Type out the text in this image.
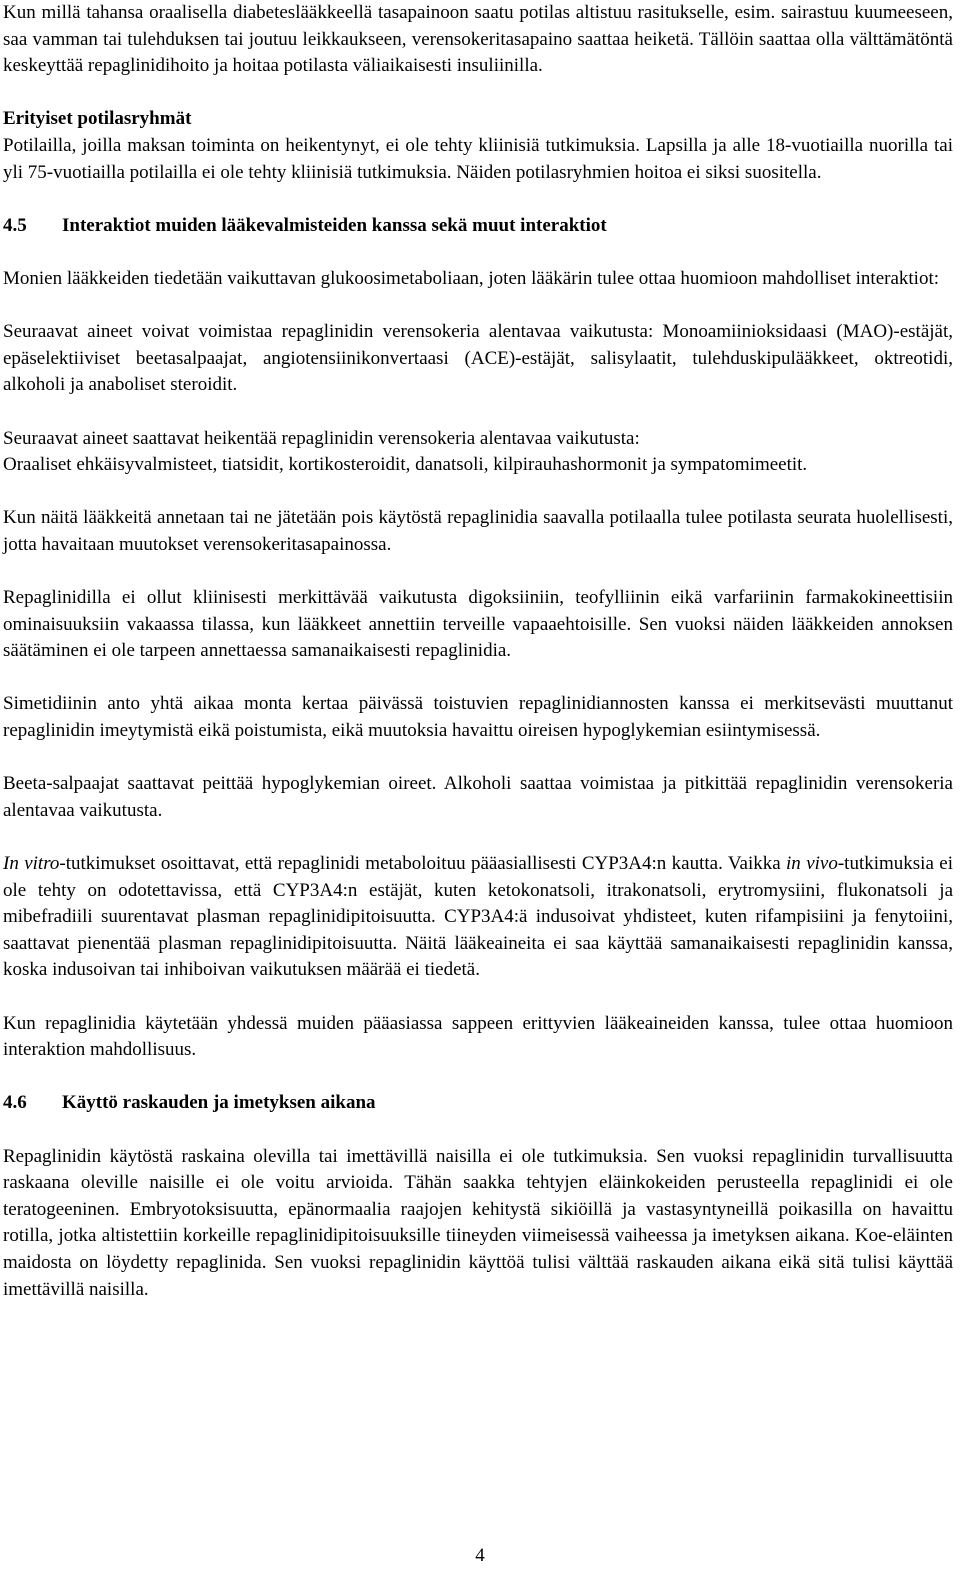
Kun millä tahansa oraalisella diabeteslääkkeellä tasapainoon saatu potilas altistuu rasitukselle, esim. sairastuu kuumeeseen, saa vamman tai tulehduksen tai joutuu leikkaukseen, verensokeritasapaino saattaa heiketä. Tällöin saattaa olla välttämätöntä keskeyttää repaglinidihoito ja hoitaa potilasta väliaikaisesti insuliinilla.

Erityiset potilasryhmät

Potilailla, joilla maksan toiminta on heikentynyt, ei ole tehty kliinisiä tutkimuksia. Lapsilla ja alle 18-vuotiailla nuorilla tai yli 75-vuotiailla potilailla ei ole tehty kliinisiä tutkimuksia. Näiden potilasryhmien hoitoa ei siksi suositella.

4.5 Interaktiot muiden lääkevalmisteiden kanssa sekä muut interaktiot

Monien lääkkeiden tiedetään vaikuttavan glukoosimetaboliaan, joten lääkärin tulee ottaa huomioon mahdolliset interaktiot:

Seuraavat aineet voivat voimistaa repaglinidin verensokeria alentavaa vaikutusta: Monoamiinioksidaasi (MAO)-estäjät, epäselektiiviset beetasalpaajat, angiotensiinikonvertaasi (ACE)-estäjät, salisylaatit, tulehduskipulääkkeet, oktreotidi, alkoholi ja anaboliset steroidit.

Seuraavat aineet saattavat heikentää repaglinidin verensokeria alentavaa vaikutusta:

Oraaliset ehkäisyvalmisteet, tiatsidit, kortikosteroidit, danatsoli, kilpirauhashormonit ja sympatomimeetit.

Kun näitä lääkkeitä annetaan tai ne jätetään pois käytöstä repaglinidia saavalla potilaalla tulee potilasta seurata huolellisesti, jotta havaitaan muutokset verensokeritasapainossa.

Repaglinidilla ei ollut kliinisesti merkittävää vaikutusta digoksiiniin, teofylliinin eikä varfariinin farmakokineettisiin ominaisuuksiin vakaassa tilassa, kun lääkkeet annettiin terveille vapaaehtoisille. Sen vuoksi näiden lääkkeiden annoksen säätäminen ei ole tarpeen annettaessa samanaikaisesti repaglinidia.

Simetidiinin anto yhtä aikaa monta kertaa päivässä toistuvien repaglinidiannosten kanssa ei merkitsevästi muuttanut repaglinidin imeytymistä eikä poistumista, eikä muutoksia havaittu oireisen hypoglykemian esiintymisessä.

Beeta-salpaajat saattavat peittää hypoglykemian oireet. Alkoholi saattaa voimistaa ja pitkittää repaglinidin verensokeria alentavaa vaikutusta.

In vitro-tutkimukset osoittavat, että repaglinidi metaboloituu pääasiallisesti CYP3A4:n kautta. Vaikka in vivo-tutkimuksia ei ole tehty on odotettavissa, että CYP3A4:n estäjät, kuten ketokonatsoli, itrakonatsoli, erytromysiini, flukonatsoli ja mibefradiili suurentavat plasman repaglinidipitoisuutta. CYP3A4:ä indusoivat yhdisteet, kuten rifampisiini ja fenytoiini, saattavat pienentää plasman repaglinidipitoisuutta. Näitä lääkeaineita ei saa käyttää samanaikaisesti repaglinidin kanssa, koska indusoivan tai inhiboivan vaikutuksen määrää ei tiedetä.

Kun repaglinidia käytetään yhdessä muiden pääasiassa sappeen erittyvien lääkeaineiden kanssa, tulee ottaa huomioon interaktion mahdollisuus.

4.6 Käyttö raskauden ja imetyksen aikana

Repaglinidin käytöstä raskaina olevilla tai imettävillä naisilla ei ole tutkimuksia. Sen vuoksi repaglinidin turvallisuutta raskaana oleville naisille ei ole voitu arvioida. Tähän saakka tehtyjen eläinkokeiden perusteella repaglinidi ei ole teratogeeninen. Embryotoksisuutta, epänormaalia raajojen kehitystä sikiöillä ja vastasyntyneillä poikasilla on havaittu rotilla, jotka altistettiin korkeille repaglinidipitoisuuksille tiineyden viimeisessä vaiheessa ja imetyksen aikana. Koe-eläinten maidosta on löydetty repaglinida. Sen vuoksi repaglinidin käyttöä tulisi välttää raskauden aikana eikä sitä tulisi käyttää imettävillä naisilla.

4
